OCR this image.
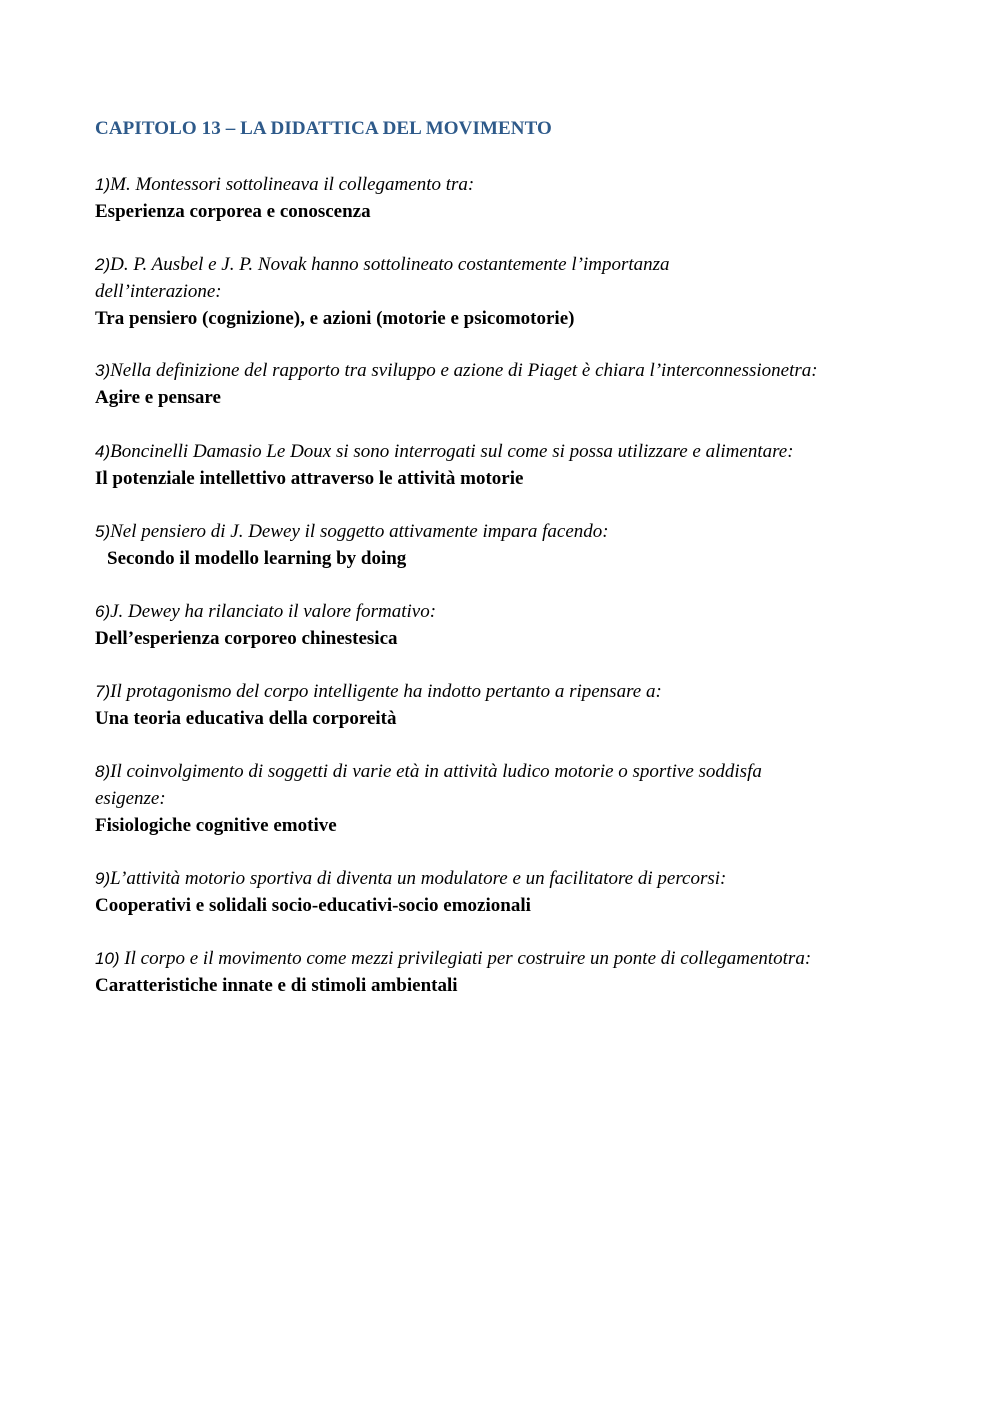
CAPITOLO 13 – LA DIDATTICA DEL MOVIMENTO
1)M. Montessori sottolineava il collegamento tra:
Esperienza corporea e conoscenza
2)D. P. Ausbel e J. P. Novak hanno sottolineato costantemente l’importanza
dell’interazione:
Tra pensiero (cognizione), e azioni (motorie e psicomotorie)
3)Nella definizione del rapporto tra sviluppo e azione di Piaget è chiara l’interconnessionetra:
Agire e pensare
4)Boncinelli Damasio Le Doux si sono interrogati sul come si possa utilizzare e alimentare:
Il potenziale intellettivo attraverso le attività motorie
5)Nel pensiero di J. Dewey il soggetto attivamente impara facendo:
Secondo il modello learning by doing
6)J. Dewey ha rilanciato il valore formativo:
Dell’esperienza corporeo chinestesica
7)Il protagonismo del corpo intelligente ha indotto pertanto a ripensare a:
Una teoria educativa della corporeità
8)Il coinvolgimento di soggetti di varie età in attività ludico motorie o sportive soddisfa
esigenze:
Fisiologiche cognitive emotive
9)L’attività motorio sportiva di diventa un modulatore e un facilitatore di percorsi:
Cooperativi e solidali socio-educativi-socio emozionali
10) Il corpo e il movimento come mezzi privilegiati per costruire un ponte di collegamentotra:
Caratteristiche innate e di stimoli ambientali
